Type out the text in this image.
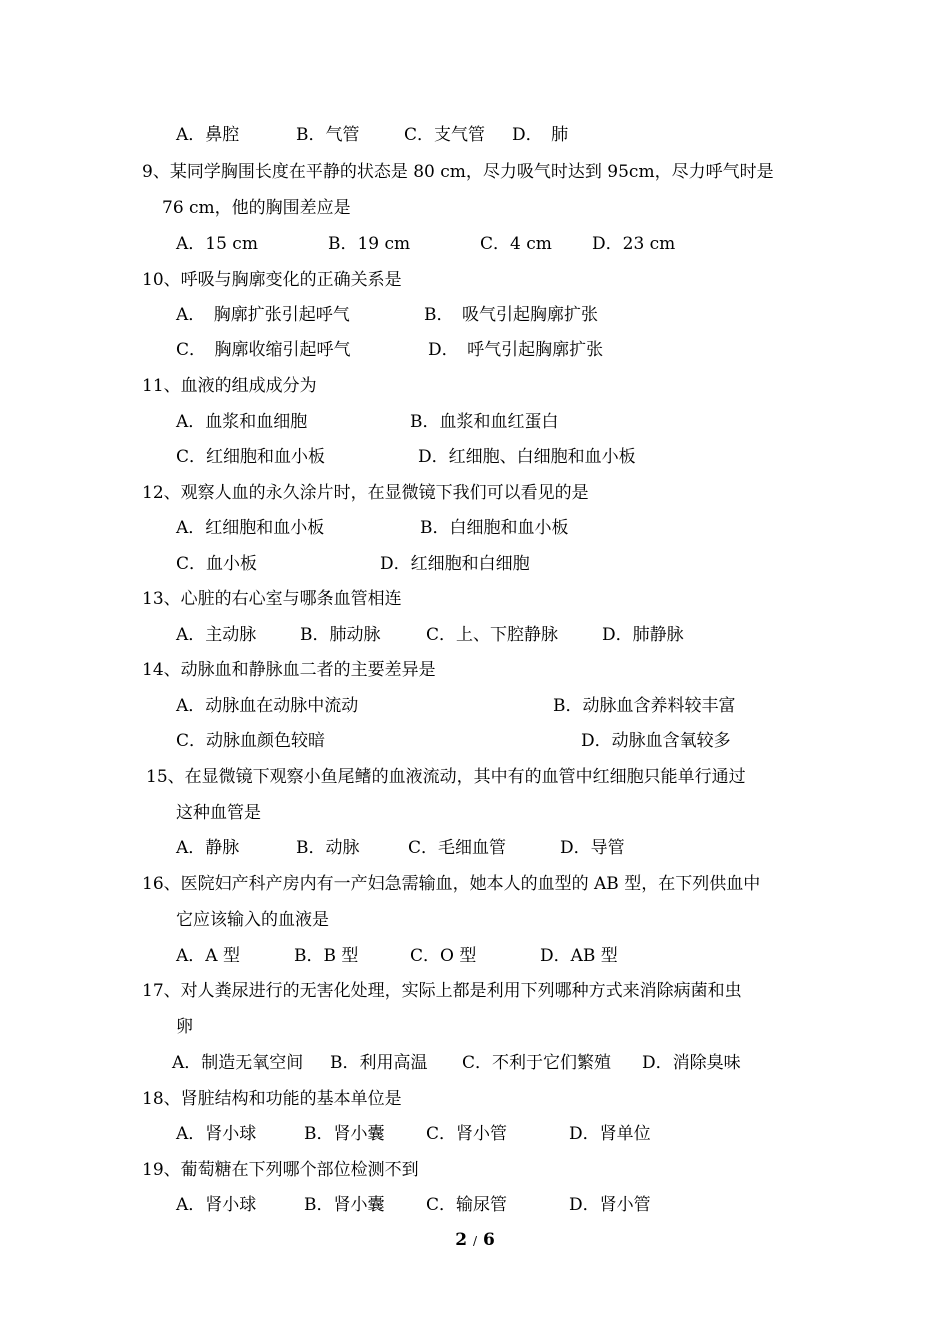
A．鼻腔	B．气管	C．支气管 D．　肺
9、某同学胸围长度在平静的状态是 80 cm，尽力吸气时达到 95cm，尽力呼气时是
76 cm，他的胸围差应是
A．15 cm	B．19 cm	C．4 cm D．23 cm
10、呼吸与胸廓变化的正确关系是
A．　胸廓扩张引起呼气	B．　吸气引起胸廓扩张
C．　胸廓收缩引起呼气	D．　呼气引起胸廓扩张
11、血液的组成成分为
A．血浆和血细胞	B．血浆和血红蛋白
C．红细胞和血小板	D．红细胞、白细胞和血小板
12、观察人血的永久涂片时，在显微镜下我们可以看见的是
A．红细胞和血小板	B．白细胞和血小板
C．血小板	D．红细胞和白细胞
13、心脏的右心室与哪条血管相连
A．主动脉	B．肺动脉	C．上、下腔静脉	D．肺静脉
14、动脉血和静脉血二者的主要差异是
A．动脉血在动脉中流动	B．动脉血含养料较丰富
C．动脉血颜色较暗	D．动脉血含氧较多
15、在显微镜下观察小鱼尾鳍的血液流动，其中有的血管中红细胞只能单行通过
这种血管是
A．静脉	B．动脉	C．毛细血管	D．导管
16、医院妇产科产房内有一产妇急需输血，她本人的血型的 AB 型，在下列供血中
它应该输入的血液是
A．A 型	B．B 型	C．O 型	D．AB 型
17、对人粪尿进行的无害化处理，实际上都是利用下列哪种方式来消除病菌和虫
卵
A．制造无氧空间 B．利用高温 C．不利于它们繁殖 D．消除臭味
18、肾脏结构和功能的基本单位是
A．肾小球	B．肾小囊 C．肾小管	D．肾单位
19、葡萄糖在下列哪个部位检测不到
A．肾小球	B．肾小囊 C．输尿管	D．肾小管
2 / 6
